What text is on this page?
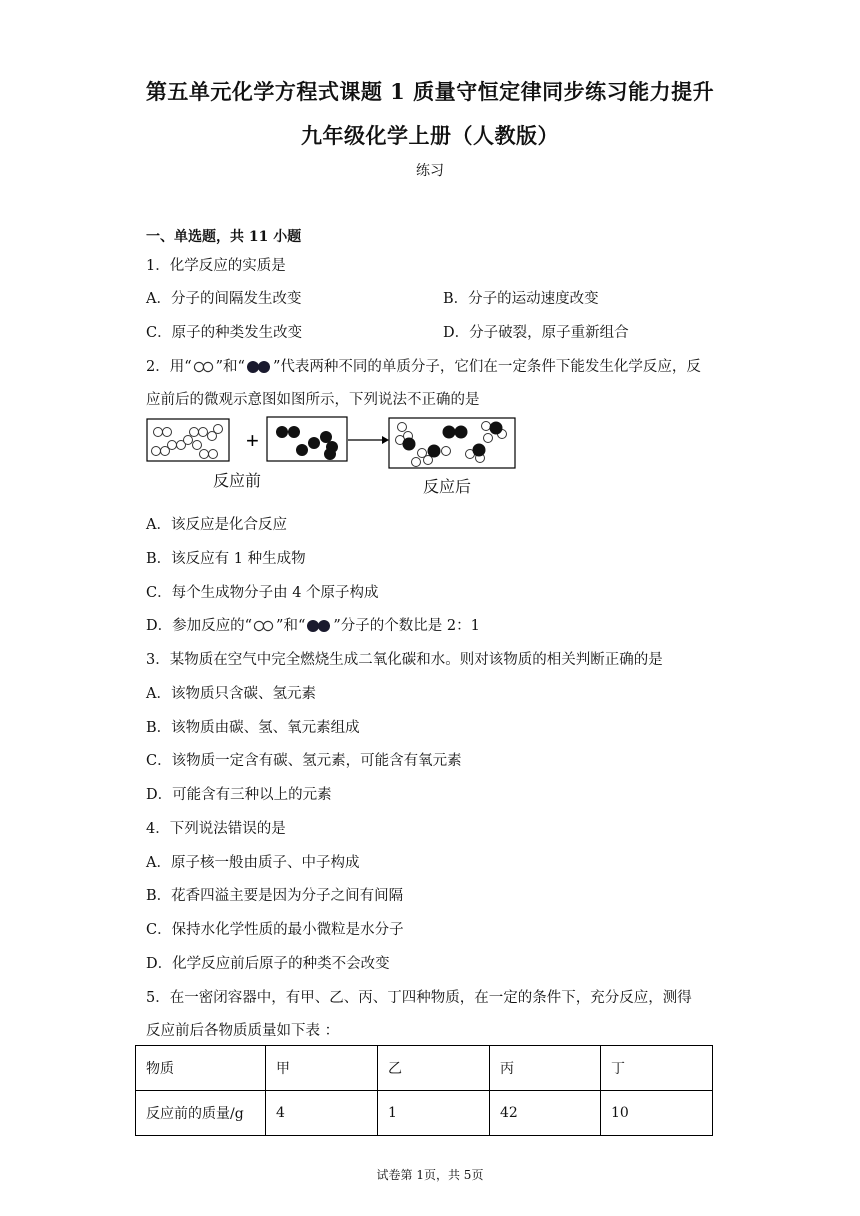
第五单元化学方程式课题 1 质量守恒定律同步练习能力提升
九年级化学上册（人教版）
练习
一、单选题，共 11 小题
1．化学反应的实质是
A．分子的间隔发生改变	B．分子的运动速度改变
C．原子的种类发生改变	D．分子破裂，原子重新组合
2．用“ ”和“ ”代表两种不同的单质分子，它们在一定条件下能发生化学反应，反
应前后的微观示意图如图所示，下列说法不正确的是
+
反应前	反应后
A．该反应是化合反应
B．该反应有 1 种生成物
C．每个生成物分子由 4 个原子构成
D．参加反应的“ ”和“ ”分子的个数比是 2：1
3．某物质在空气中完全燃烧生成二氧化碳和水。则对该物质的相关判断正确的是
A．该物质只含碳、氢元素
B．该物质由碳、氢、氧元素组成
C．该物质一定含有碳、氢元素，可能含有氧元素
D．可能含有三种以上的元素
4．下列说法错误的是
A．原子核一般由质子、中子构成
B．花香四溢主要是因为分子之间有间隔
C．保持水化学性质的最小微粒是水分子
D．化学反应前后原子的种类不会改变
5．在一密闭容器中，有甲、乙、丙、丁四种物质，在一定的条件下，充分反应，测得
反应前后各物质质量如下表 ：
物质	甲	乙	丙	丁
反应前的质量/g	4	1	42	10
试卷第 1页，共 5页
